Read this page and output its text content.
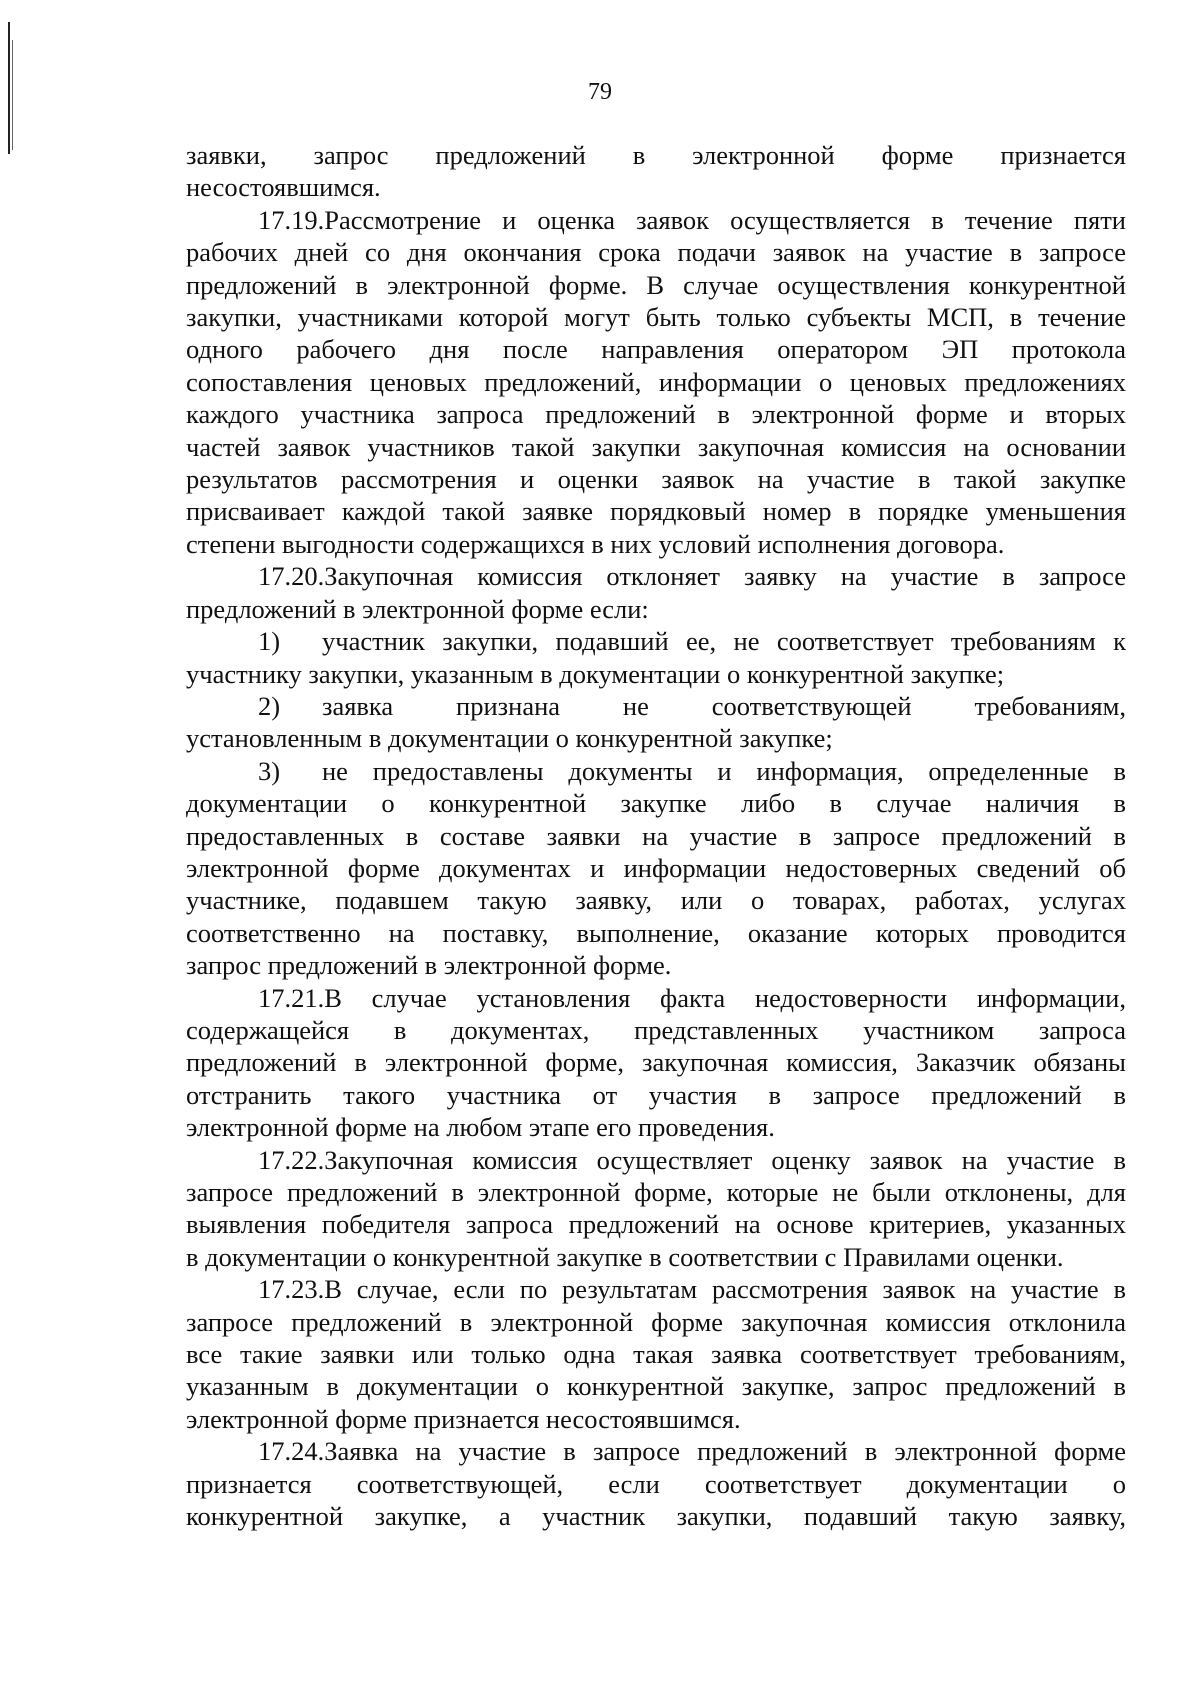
79
заявки, запрос предложений в электронной форме признается
несостоявшимся.
17.19.Рассмотрение и оценка заявок осуществляется в течение пяти
рабочих дней со дня окончания срока подачи заявок на участие в запросе
предложений в электронной форме. В случае осуществления конкурентной
закупки, участниками которой могут быть только субъекты МСП, в течение
одного рабочего дня после направления оператором ЭП протокола
сопоставления ценовых предложений, информации о ценовых предложениях
каждого участника запроса предложений в электронной форме и вторых
частей заявок участников такой закупки закупочная комиссия на основании
результатов рассмотрения и оценки заявок на участие в такой закупке
присваивает каждой такой заявке порядковый номер в порядке уменьшения
степени выгодности содержащихся в них условий исполнения договора.
17.20.Закупочная комиссия отклоняет заявку на участие в запросе
предложений в электронной форме если:
1)	участник закупки, подавший ее, не соответствует требованиям к
участнику закупки, указанным в документации о конкурентной закупке;
2)	заявка признана не соответствующей требованиям,
установленным в документации о конкурентной закупке;
3)	не предоставлены документы и информация, определенные в
документации о конкурентной закупке либо в случае наличия в
предоставленных в составе заявки на участие в запросе предложений в
электронной форме документах и информации недостоверных сведений об
участнике, подавшем такую заявку, или о товарах, работах, услугах
соответственно на поставку, выполнение, оказание которых проводится
запрос предложений в электронной форме.
17.21.В случае установления факта недостоверности информации,
содержащейся в документах, представленных участником запроса
предложений в электронной форме, закупочная комиссия, Заказчик обязаны
отстранить такого участника от участия в запросе предложений в
электронной форме на любом этапе его проведения.
17.22.Закупочная комиссия осуществляет оценку заявок на участие в
запросе предложений в электронной форме, которые не были отклонены, для
выявления победителя запроса предложений на основе критериев, указанных
в документации о конкурентной закупке в соответствии с Правилами оценки.
17.23.В случае, если по результатам рассмотрения заявок на участие в
запросе предложений в электронной форме закупочная комиссия отклонила
все такие заявки или только одна такая заявка соответствует требованиям,
указанным в документации о конкурентной закупке, запрос предложений в
электронной форме признается несостоявшимся.
17.24.Заявка на участие в запросе предложений в электронной форме
признается соответствующей, если соответствует документации о
конкурентной закупке, а участник закупки, подавший такую заявку,
